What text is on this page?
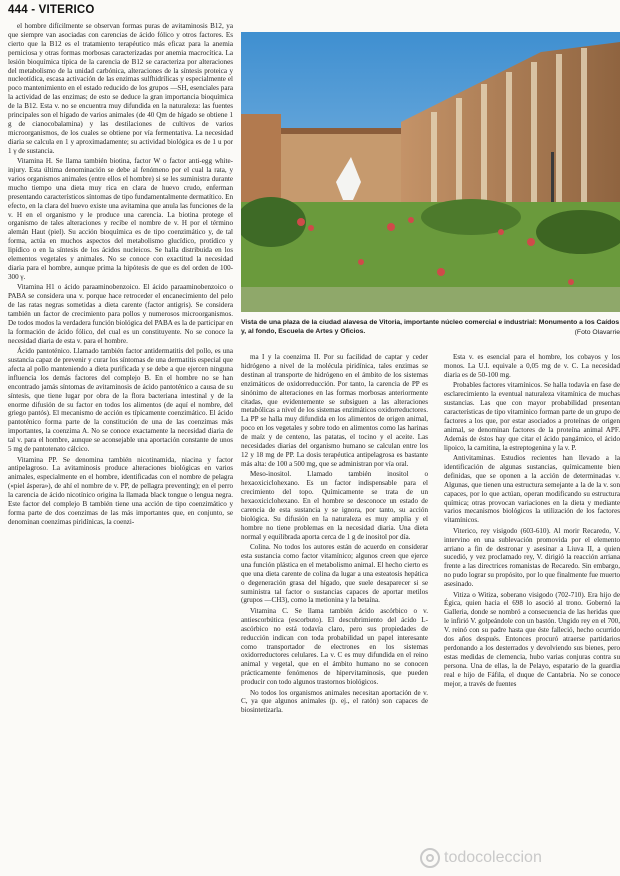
444 - VITERICO

el hombre difícilmente se observan formas puras de avitaminosis B12, ya que siempre van asociadas con carencias de ácido fólico y otros factores. Es cierto que la B12 es el tratamiento terapéutico más eficaz para la anemia perniciosa y otras formas morbosas caracterizadas por anemia macrocítica. La lesión bioquímica típica de la carencia de B12 se caracteriza por alteraciones del metabolismo de la unidad carbónica, alteraciones de la síntesis proteica y nucleotídica, escasa activación de las enzimas sulfhidrílicas y especialmente el poco mantenimiento en el estado reducido de los grupos —SH, esenciales para la actividad de las enzimas; de esto se deduce la gran importancia bioquímica de la B12. Esta v. no se encuentra muy difundida en la naturaleza: las fuentes principales son el hígado de varios animales (de 40 Qm de hígado se obtiene 1 g de cianocobalamina) y las destilaciones de cultivos de varios microorganismos, de los cuales se obtiene por vía fermentativa. La necesidad diaria se calcula en 1 y aproximadamente; su actividad biológica es de 1 u por 1 γ de sustancia.

Vitamina H. Se llama también biotina, factor W o factor anti-egg white-injury. Esta última denominación se debe al fenómeno por el cual la rata, y varios organismos animales (entre ellos el hombre) si se les suministra durante mucho tiempo una dieta muy rica en clara de huevo crudo, enferman presentando característicos síntomas de tipo fundamentalmente dermatítico. En efecto, en la clara del huevo existe una avitamina que anula las funciones de la v. H en el organismo y le produce una carencia. La biotina protege el organismo de tales alteraciones y recibe el nombre de v. H por el término alemán Haut (piel). Su acción bioquímica es de tipo coenzimático y, de tal forma, actúa en muchos aspectos del metabolismo glucídico, protídico y lipídico o en la síntesis de los ácidos nucleicos. Se halla distribuida en los elementos vegetales y animales. No se conoce con exactitud la necesidad diaria para el hombre, aunque prima la hipótesis de que es del orden de 100-300 γ.

Vitamina H1 o ácido paraaminobenzoico. El ácido paraaminobenzoico o PABA se considera una v. porque hace retroceder el encanecimiento del pelo de las ratas negras sometidas a dieta carente (factor antigris). Se considera también un factor de crecimiento para pollos y numerosos microorganismos. De todos modos la verdadera función biológica del PABA es la de participar en la formación de ácido fólico, del cual es un constituyente. No se conoce la necesidad diaria de esta v. para el hombre.

Ácido pantoténico. Llamado también factor antidermatitis del pollo, es una sustancia capaz de prevenir y curar los síntomas de una dermatitis especial que afecta al pollo manteniendo a dieta purificada y se debe a que ejercen ninguna influencia los demás factores del complejo B. En el hombre no se han encontrado jamás síntomas de avitaminosis de ácido pantoténico a causa de su síntesis, que tiene lugar por obra de la flora bacteriana intestinal y de la enorme difusión de su factor en todos los alimentos (de aquí el nombre, del griego pantós). El mecanismo de acción es típicamente coenzimático. El ácido pantoténico forma parte de la constitución de una de las coenzimas más importantes, la coenzima A. No se conoce exactamente la necesidad diaria de tal v. para el hombre, aunque se aconsejable una aportación constante de unos 5 mg de pantotenato cálcico.

Vitamina PP. Se denomina también nicotinamida, niacina y factor antipelagroso. La avitaminosis produce alteraciones biológicas en varios animales, especialmente en el hombre, identificadas con el nombre de pelagra («piel áspera»), de ahí el nombre de v. PP, de pellagra preventing); en el perro la carencia de ácido nicotínico origina la llamada black tongue o lengua negra. Este factor del complejo B también tiene una acción de tipo coenzimático y forma parte de dos coenzimas de las más importantes que, en conjunto, se denominan coenzimas piridínicas, la coenzi-

Vista de una plaza de la ciudad alavesa de Vitoria, importante núcleo comercial e industrial: Monumento a los Caídos y, al fondo, Escuela de Artes y Oficios.	(Foto Olavarrie

ma I y la coenzima II. Por su facilidad de captar y ceder hidrógeno a nivel de la molécula piridínica, tales enzimas se destinan al transporte de hidrógeno en el ámbito de los sistemas enzimáticos de oxidorreducción. Por tanto, la carencia de PP es sinónimo de alteraciones en las formas morbosas anteriormente citadas, que evidentemente se subsiguen a las alteraciones metabólicas a nivel de los sistemas enzimáticos oxidorreductores. La PP se halla muy difundida en los alimentos de origen animal, poco en los vegetales y sobre todo en alimentos como las harinas de maíz y de centeno, las patatas, el tocino y el aceite. Las necesidades diarias del organismo humano se calculan entre los 12 y 18 mg de PP. La dosis terapéutica antipelagrosa es bastante más alta: de 100 a 500 mg, que se administran por vía oral.

Meso-inositol. Llamado también inositol o hexaoxiciclohexano. Es un factor indispensable para el crecimiento del topo. Químicamente se trata de un hexaoxiciclohexano. En el hombre se desconoce un estado de carencia de esta sustancia y se ignora, por tanto, su acción biológica. Su difusión en la naturaleza es muy amplia y el hombre no tiene problemas en la necesidad diaria. Una dieta normal y equilibrada aporta cerca de 1 g de inositol por día.

Colina. No todos los autores están de acuerdo en considerar esta sustancia como factor vitamínico; algunos creen que ejerce una función plástica en el metabolismo animal. El hecho cierto es que una dieta carente de colina da lugar a una esteatosis hepática o degeneración grasa del hígado, que suele desaparecer si se suministra tal factor o sustancias capaces de aportar metilos (grupos —CH3), como la metionina y la betaína.

Vitamina C. Se llama también ácido ascórbico o v. antiescorbútica (escorbuto). El descubrimiento del ácido L-ascórbico no está todavía claro, pero sus propiedades de reducción indican con toda probabilidad un papel interesante como transportador de electrones en los sistemas oxidorreductores celulares. La v. C es muy difundida en el reino animal y vegetal, que en el ámbito humano no se conocen prácticamente fenómenos de hipervitaminosis, que pueden producir con todo algunos trastornos biológicos.

No todos los organismos animales necesitan aportación de v. C, ya que algunos animales (p. ej., el ratón) son capaces de biosintetizarla.

Esta v. es esencial para el hombre, los cobayos y los monos. La U.I. equivale a 0,05 mg de v. C. La necesidad diaria es de 50-100 mg.

Probables factores vitamínicos. Se halla todavía en fase de esclarecimiento la eventual naturaleza vitamínica de muchas sustancias. Las que con mayor probabilidad presentan características de tipo vitamínico forman parte de un grupo de factores a los que, por estar asociados a proteínas de origen animal, se denominan factores de la proteína animal APF. Además de éstos hay que citar el ácido pangámico, el ácido lipoico, la carnitina, la estreptogenina y la v. P.

Antivitaminas. Estudios recientes han llevado a la identificación de algunas sustancias, químicamente bien definidas, que se oponen a la acción de determinadas v. Algunas, que tienen una estructura semejante a la de la v. son capaces, por lo que actúan, operan modificando su estructura química; otras provocan variaciones en la dieta y mediante varios mecanismos biológicos la utilización de los factores vitamínicos.

Viterico, rey visigodo (603-610). Al morir Recaredo, V. intervino en una sublevación promovida por el elemento arriano a fin de destronar y asesinar a Liuva II, a quien sucedió, y vez proclamado rey, V. dirigió la reacción arriana frente a las directrices romanistas de Recaredo. Sin embargo, no pudo lograr su propósito, por lo que finalmente fue muerto asesinado.

Vitiza o Witiza, soberano visigodo (702-710). Era hijo de Égica, quien hacia el 698 lo asoció al trono. Gobernó la Galleria, donde se nombró a consecuencia de las heridas que le infirió V. golpeándole con un bastón. Ungido rey en el 700, V. reinó con su padre hasta que éste falleció, hecho ocurrido dos años después. Entonces procuró atraerse partidarios perdonando a los desterrados y devolviendo sus bienes, pero estas medidas de clemencia, hubo varias conjuras contra su persona. Una de ellas, la de Pelayo, espatario de la guardia real e hijo de Fáfila, el duque de Cantabria. No se conoce mejor, a través de fuentes

todocoleccion
